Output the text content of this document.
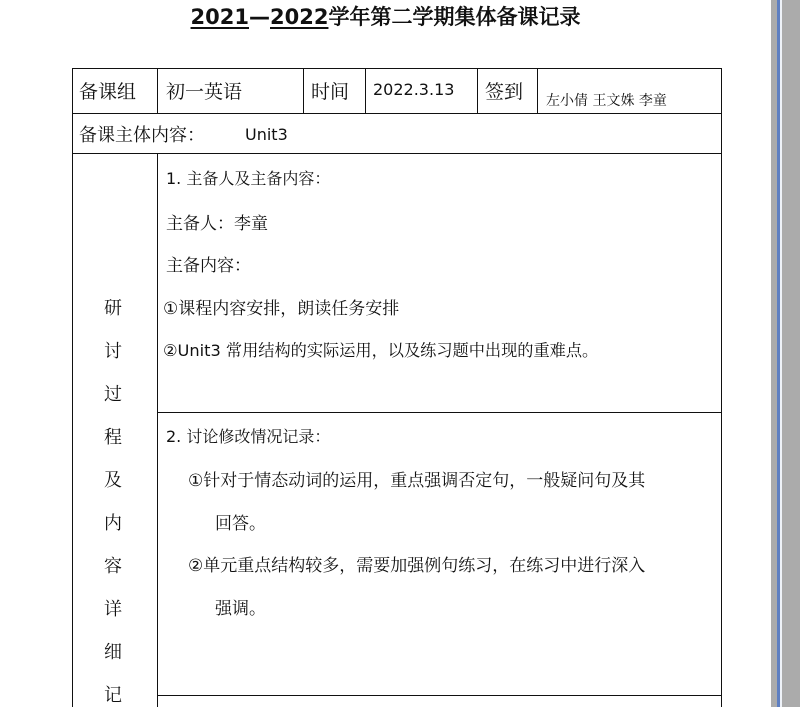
2021—2022学年第二学期集体备课记录
备课组 初一英语	时间 2022.3.13 签到 左小倩 王文姝 李童
备课主体内容：	Unit3
研
讨
过
程
及
内
容
详
细
记
1. 主备人及主备内容：
主备人：李童
主备内容：
①课程内容安排，朗读任务安排
②Unit3 常用结构的实际运用，以及练习题中出现的重难点。
2. 讨论修改情况记录：
①针对于情态动词的运用，重点强调否定句，一般疑问句及其
回答。
②单元重点结构较多，需要加强例句练习，在练习中进行深入
强调。
